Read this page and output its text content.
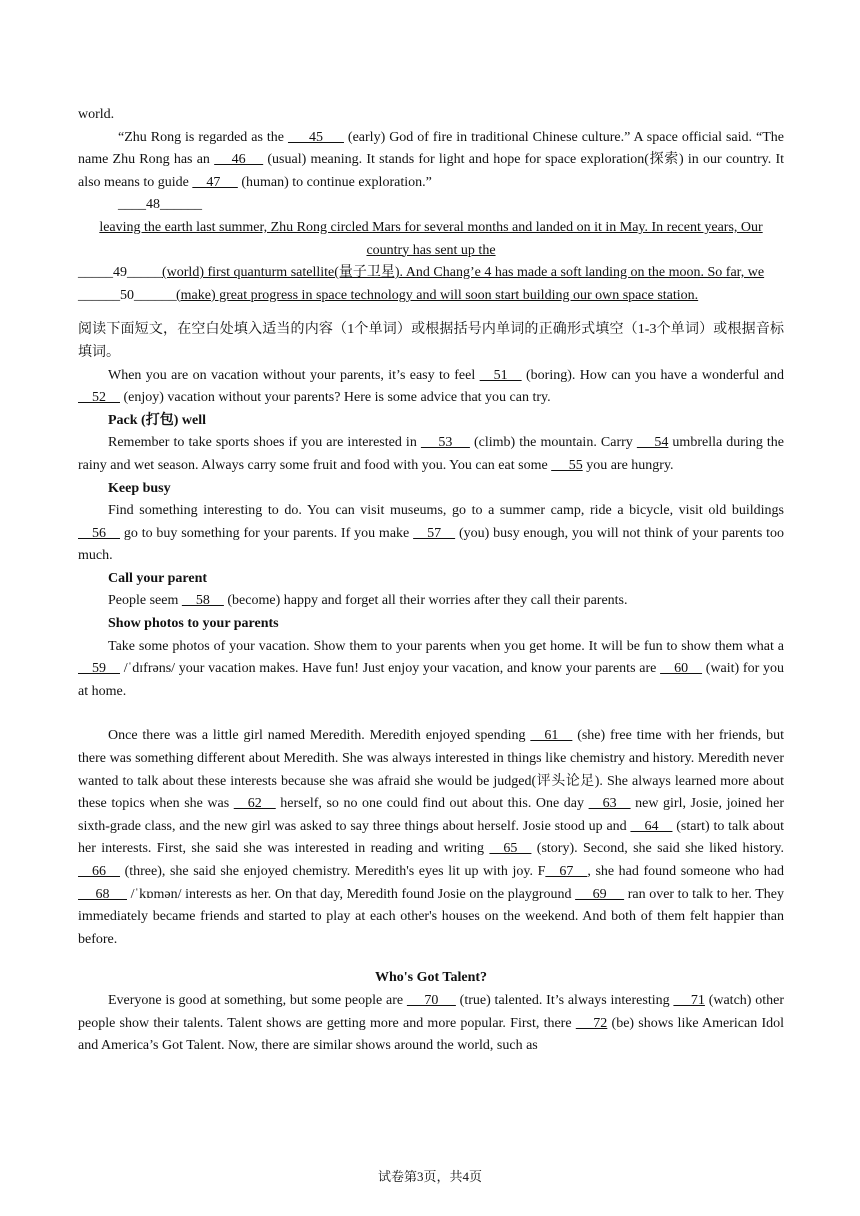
world.

“Zhu Rong is regarded as the       45       (early) God of fire in traditional Chinese culture.” A space official said. “The name Zhu Rong has an      46      (usual) meaning. It stands for light and hope for space exploration(探索) in our country. It also means to guide     47      (human) to continue exploration.”

____48______leaving the earth last summer, Zhu Rong circled Mars for several months and landed on it in May. In recent years, Our country has sent up the_____49_____(world) first quanturm satellite(量子卫星). And Chang’e 4 has made a soft landing on the moon. So far, we______50______(make) great progress in space technology and will soon start building our own space station.

阅读下面短文，在空白处填入适当的内容（1个单词）或根据括号内单词的正确形式填空（1-3个单词）或根据音标填词。

When you are on vacation without your parents, it’s easy to feel     51     (boring). How can you have a wonderful and     52     (enjoy) vacation without your parents? Here is some advice that you can try.

Pack (打包) well

Remember to take sports shoes if you are interested in      53      (climb) the mountain. Carry      54 umbrella during the rainy and wet season. Always carry some fruit and food with you. You can eat some      55 you are hungry.

Keep busy

Find something interesting to do. You can visit museums, go to a summer camp, ride a bicycle, visit old buildings     56     go to buy something for your parents. If you make     57     (you) busy enough, you will not think of your parents too much.

Call your parent

People seem     58     (become) happy and forget all their worries after they call their parents.

Show photos to your parents

Take some photos of your vacation. Show them to your parents when you get home. It will be fun to show them what a     59     /ˈdɪfrəns/ your vacation makes. Have fun! Just enjoy your vacation, and know your parents are     60     (wait) for you at home.

Once there was a little girl named Meredith. Meredith enjoyed spending     61     (she) free time with her friends, but there was something different about Meredith. She was always interested in things like chemistry and history. Meredith never wanted to talk about these interests because she was afraid she would be judged(评头论足). She always learned more about these topics when she was     62     herself, so no one could find out about this. One day     63     new girl, Josie, joined her sixth-grade class, and the new girl was asked to say three things about herself. Josie stood up and     64     (start) to talk about her interests. First, she said she was interested in reading and writing     65     (story). Second, she said she liked history.     66     (three), she said she enjoyed chemistry. Meredith's eyes lit up with joy. F    67    , she had found someone who had      68      /ˈkɒmən/ interests as her. On that day, Meredith found Josie on the playground      69      ran over to talk to her. They immediately became friends and started to play at each other's houses on the weekend. And both of them felt happier than before.

Who's Got Talent?

Everyone is good at something, but some people are      70      (true) talented. It’s always interesting      71 (watch) other people show their talents. Talent shows are getting more and more popular. First, there      72 (be) shows like American Idol and America’s Got Talent. Now, there are similar shows around the world, such as

试卷第3页，共4页
